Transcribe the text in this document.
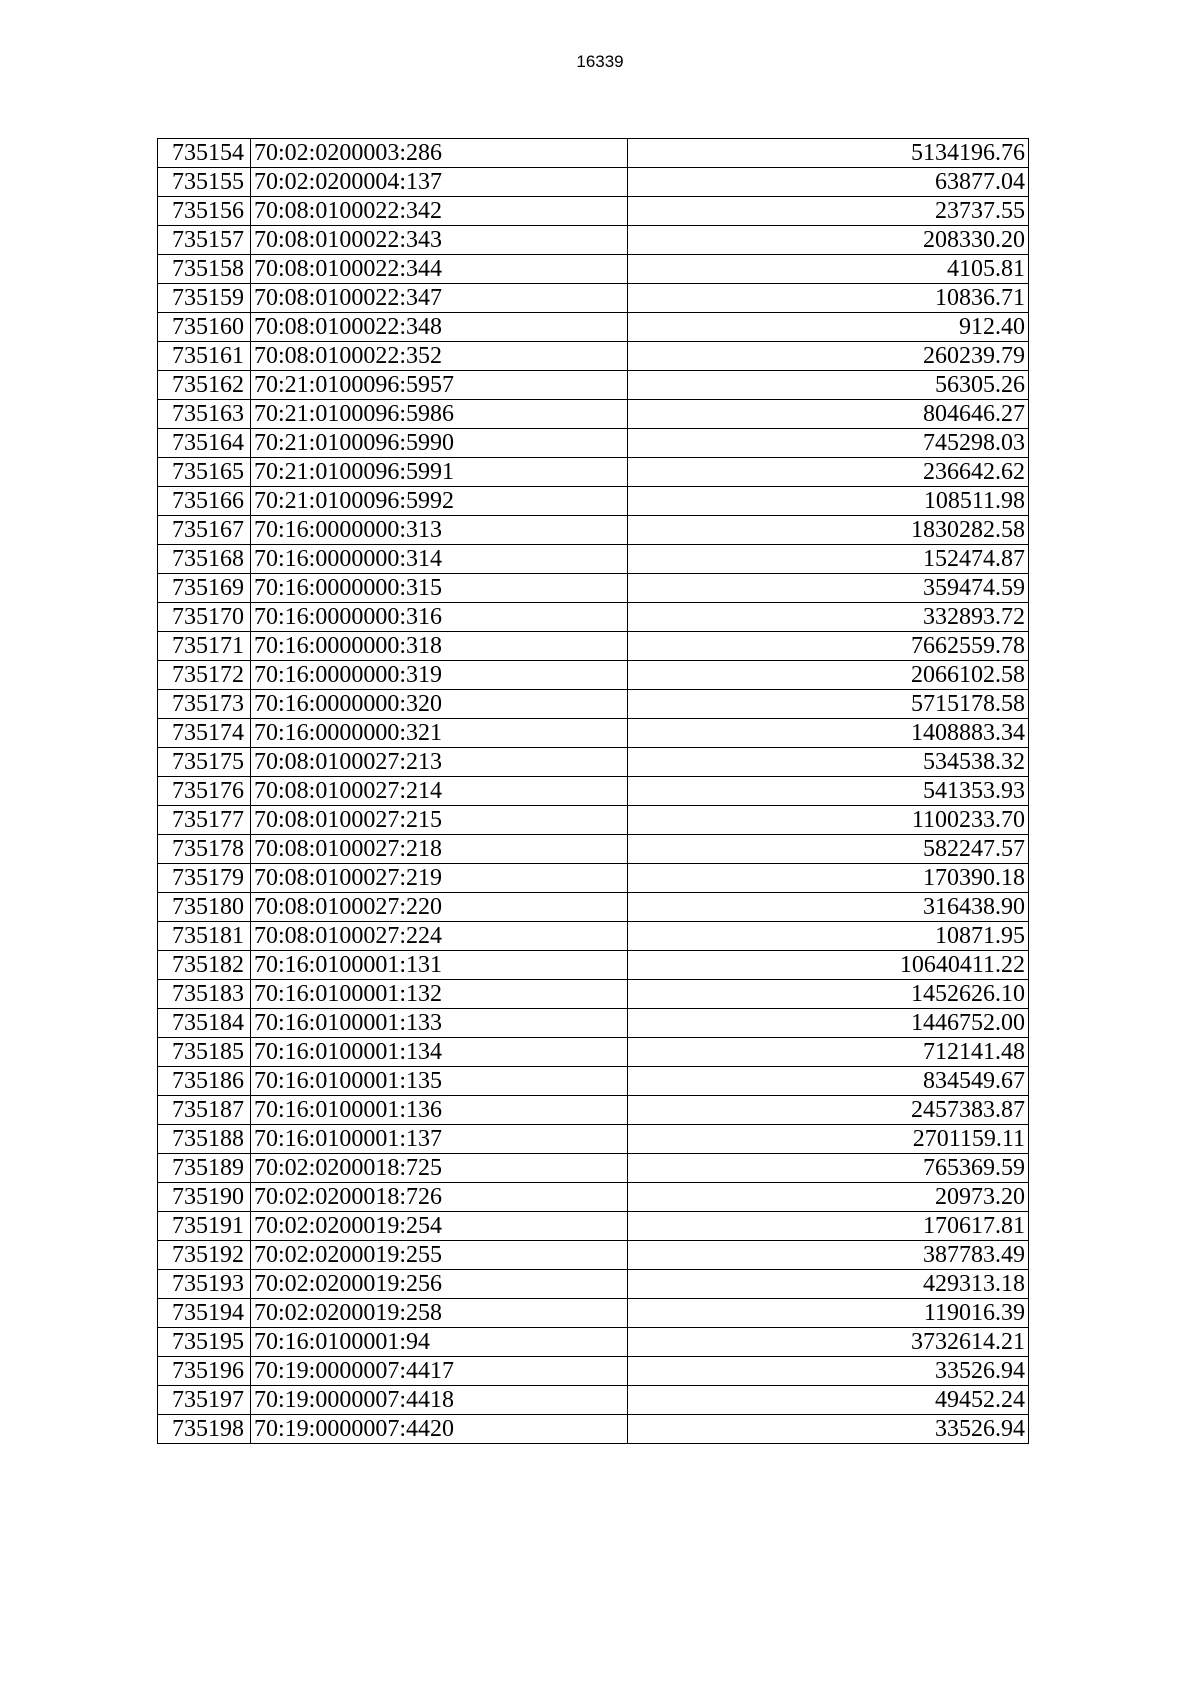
16339
735154	70:02:0200003:286	5134196.76
735155	70:02:0200004:137	63877.04
735156	70:08:0100022:342	23737.55
735157	70:08:0100022:343	208330.20
735158	70:08:0100022:344	4105.81
735159	70:08:0100022:347	10836.71
735160	70:08:0100022:348	912.40
735161	70:08:0100022:352	260239.79
735162	70:21:0100096:5957	56305.26
735163	70:21:0100096:5986	804646.27
735164	70:21:0100096:5990	745298.03
735165	70:21:0100096:5991	236642.62
735166	70:21:0100096:5992	108511.98
735167	70:16:0000000:313	1830282.58
735168	70:16:0000000:314	152474.87
735169	70:16:0000000:315	359474.59
735170	70:16:0000000:316	332893.72
735171	70:16:0000000:318	7662559.78
735172	70:16:0000000:319	2066102.58
735173	70:16:0000000:320	5715178.58
735174	70:16:0000000:321	1408883.34
735175	70:08:0100027:213	534538.32
735176	70:08:0100027:214	541353.93
735177	70:08:0100027:215	1100233.70
735178	70:08:0100027:218	582247.57
735179	70:08:0100027:219	170390.18
735180	70:08:0100027:220	316438.90
735181	70:08:0100027:224	10871.95
735182	70:16:0100001:131	10640411.22
735183	70:16:0100001:132	1452626.10
735184	70:16:0100001:133	1446752.00
735185	70:16:0100001:134	712141.48
735186	70:16:0100001:135	834549.67
735187	70:16:0100001:136	2457383.87
735188	70:16:0100001:137	2701159.11
735189	70:02:0200018:725	765369.59
735190	70:02:0200018:726	20973.20
735191	70:02:0200019:254	170617.81
735192	70:02:0200019:255	387783.49
735193	70:02:0200019:256	429313.18
735194	70:02:0200019:258	119016.39
735195	70:16:0100001:94	3732614.21
735196	70:19:0000007:4417	33526.94
735197	70:19:0000007:4418	49452.24
735198	70:19:0000007:4420	33526.94
